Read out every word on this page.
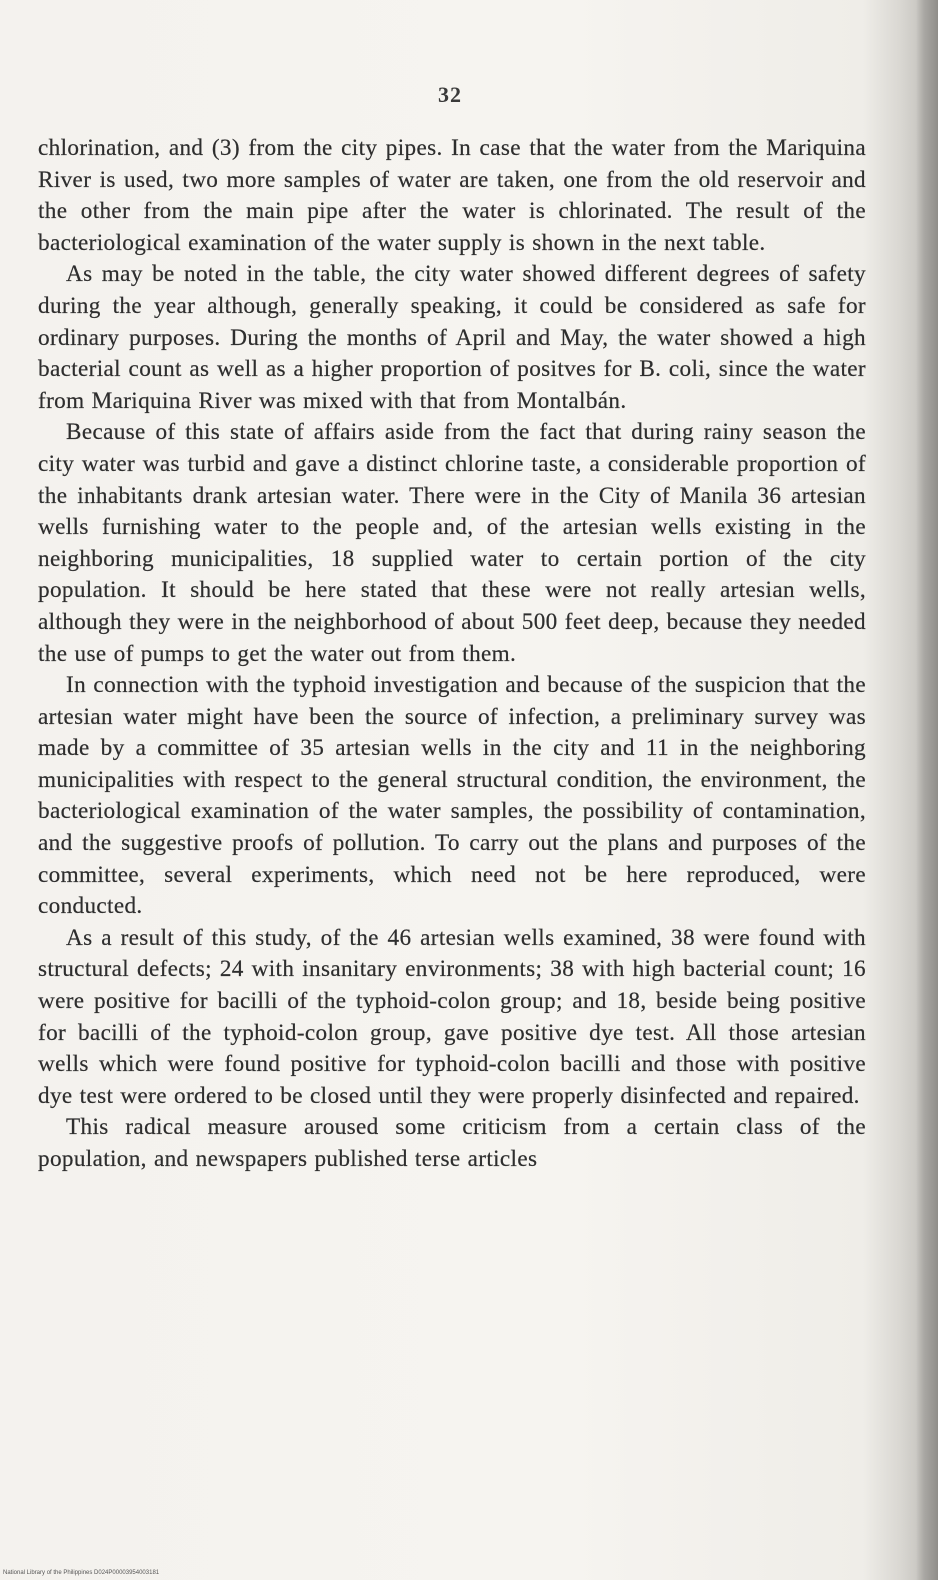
32

chlorination, and (3) from the city pipes. In case that the water from the Mariquina River is used, two more samples of water are taken, one from the old reservoir and the other from the main pipe after the water is chlorinated. The result of the bacteriological examination of the water supply is shown in the next table.

As may be noted in the table, the city water showed different degrees of safety during the year although, generally speaking, it could be considered as safe for ordinary purposes. During the months of April and May, the water showed a high bacterial count as well as a higher proportion of positves for B. coli, since the water from Mariquina River was mixed with that from Montalbán.

Because of this state of affairs aside from the fact that during rainy season the city water was turbid and gave a distinct chlorine taste, a considerable proportion of the inhabitants drank artesian water. There were in the City of Manila 36 artesian wells furnishing water to the people and, of the artesian wells existing in the neighboring municipalities, 18 supplied water to certain portion of the city population. It should be here stated that these were not really artesian wells, although they were in the neighborhood of about 500 feet deep, because they needed the use of pumps to get the water out from them.

In connection with the typhoid investigation and because of the suspicion that the artesian water might have been the source of infection, a preliminary survey was made by a committee of 35 artesian wells in the city and 11 in the neighboring municipalities with respect to the general structural condition, the environment, the bacteriological examination of the water samples, the possibility of contamination, and the suggestive proofs of pollution. To carry out the plans and purposes of the committee, several experiments, which need not be here reproduced, were conducted.

As a result of this study, of the 46 artesian wells examined, 38 were found with structural defects; 24 with insanitary environments; 38 with high bacterial count; 16 were positive for bacilli of the typhoid-colon group; and 18, beside being positive for bacilli of the typhoid-colon group, gave positive dye test. All those artesian wells which were found positive for typhoid-colon bacilli and those with positive dye test were ordered to be closed until they were properly disinfected and repaired.

This radical measure aroused some criticism from a certain class of the population, and newspapers published terse articles

National Library of the Philippines D024P00003954003181
